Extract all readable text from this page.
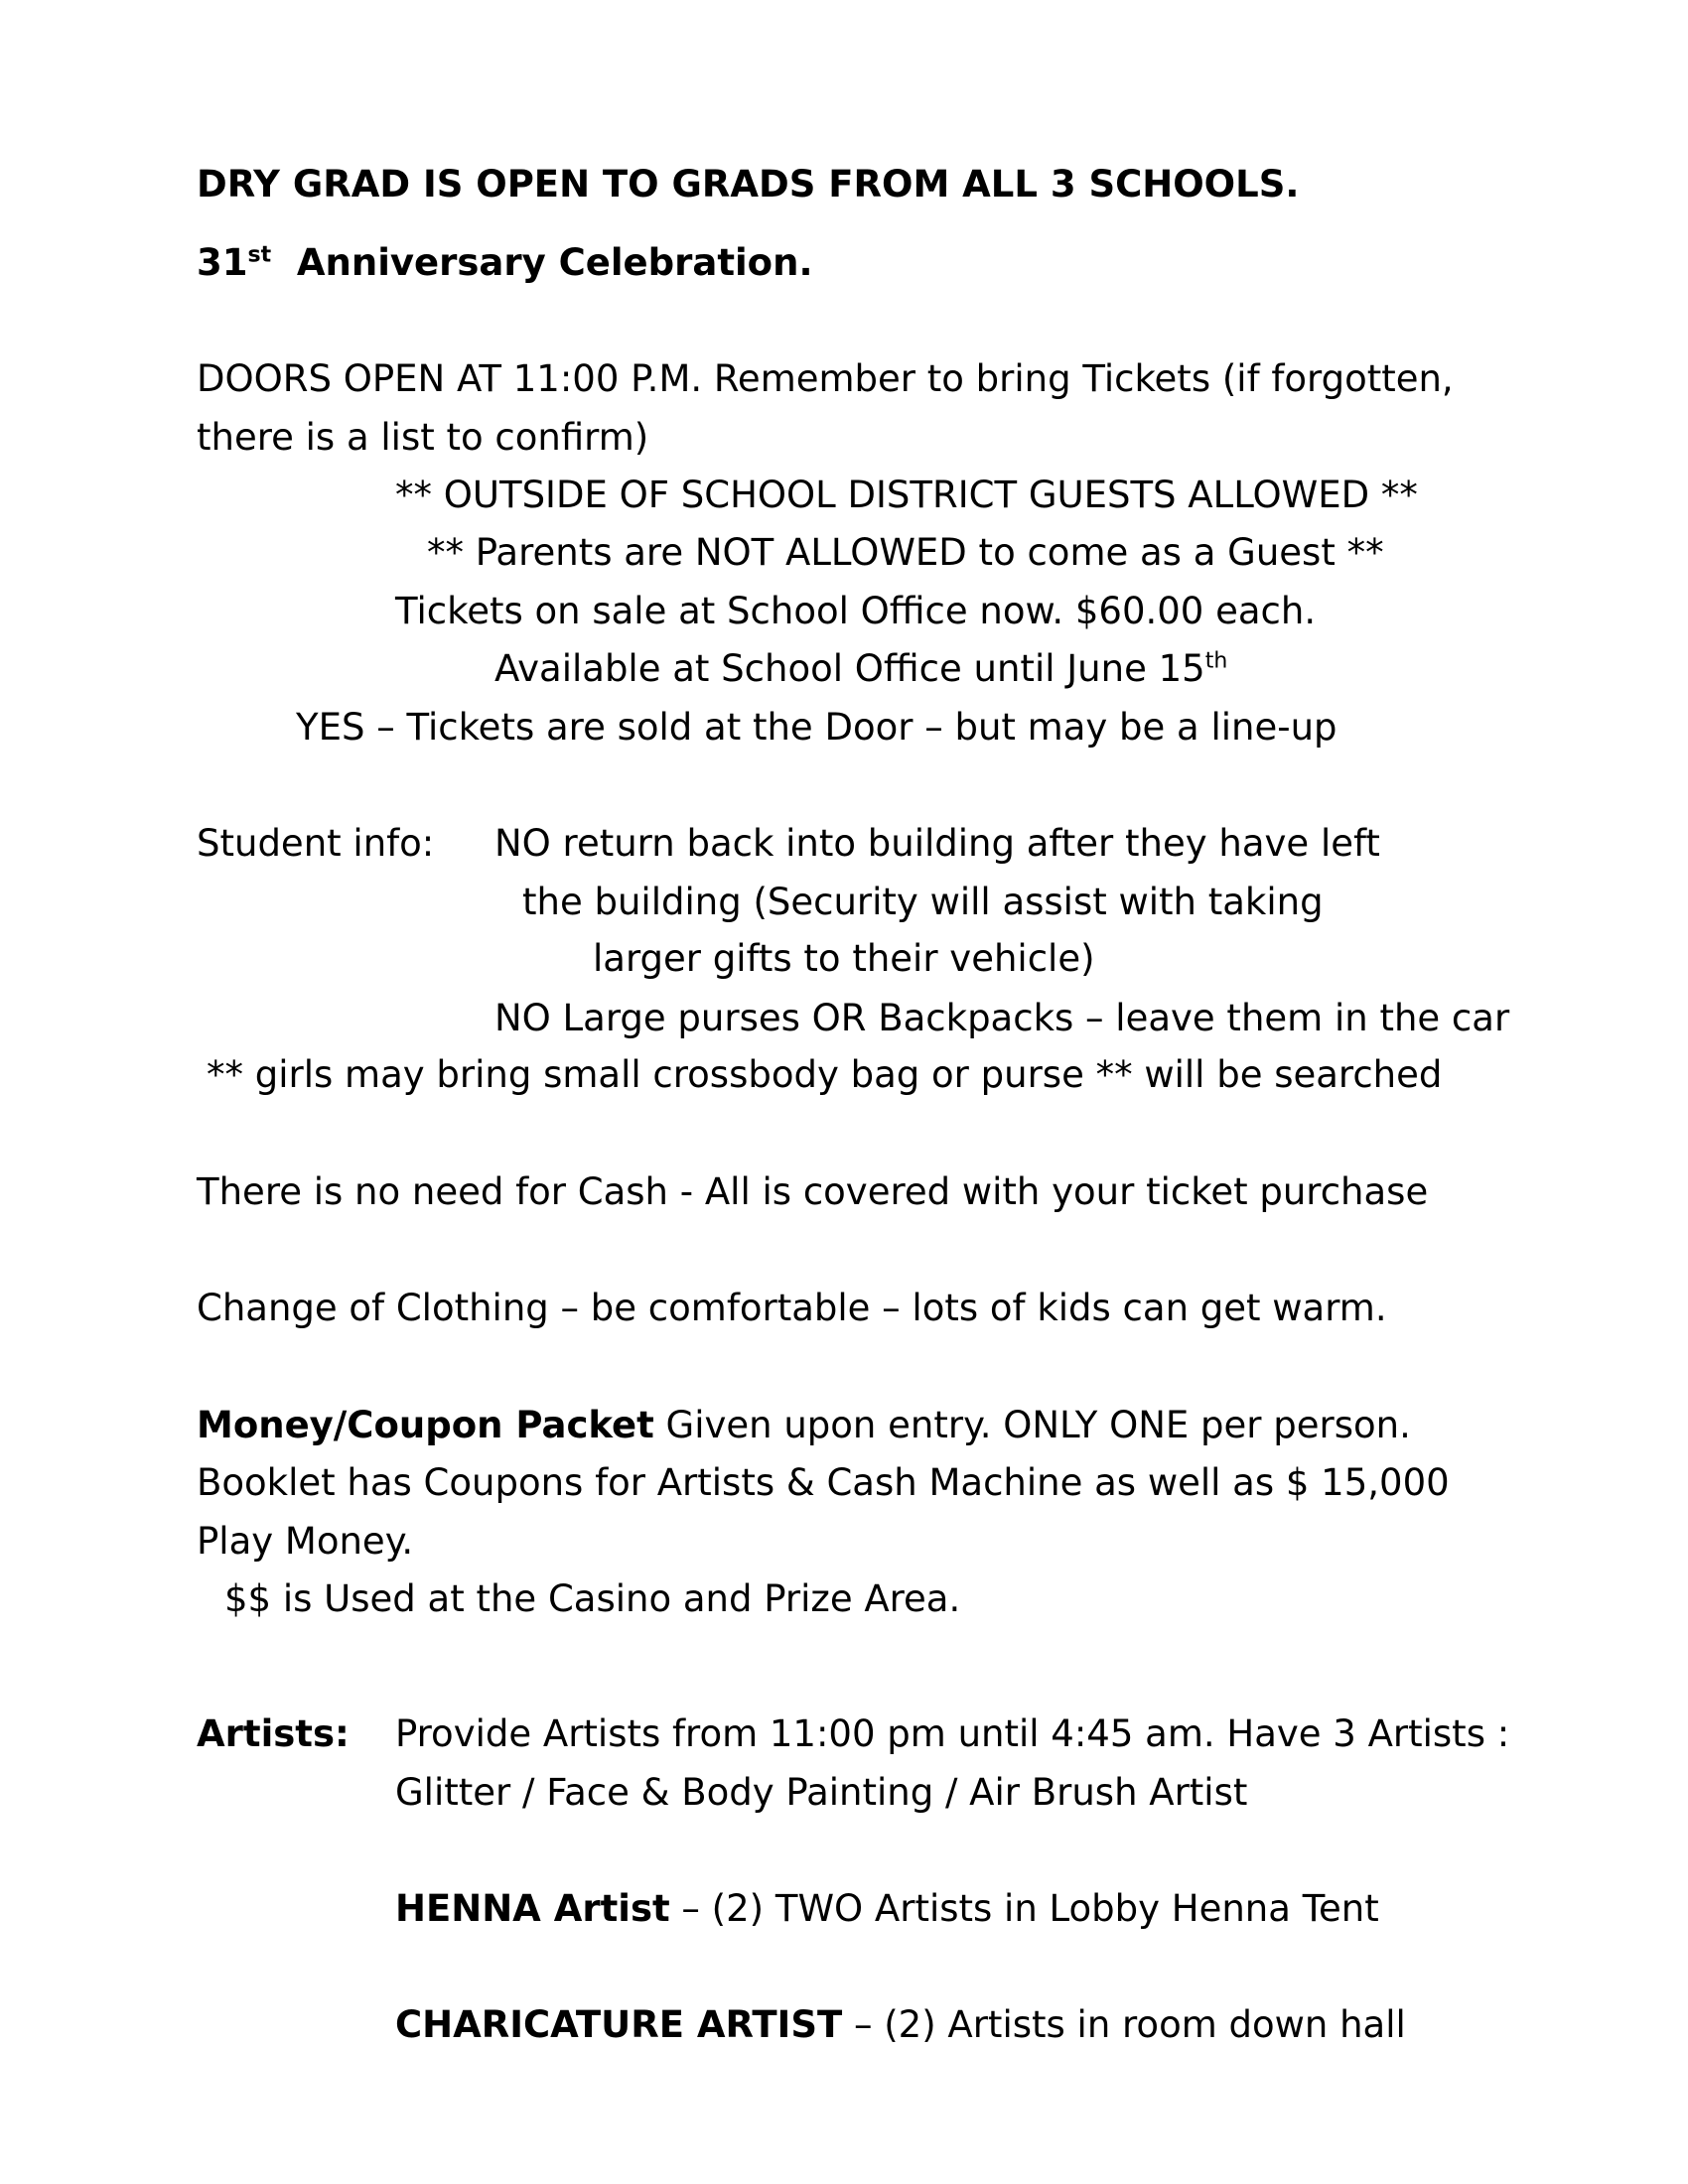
DRY GRAD IS OPEN TO GRADS FROM ALL 3 SCHOOLS.
31st Anniversary Celebration.
DOORS OPEN AT 11:00 P.M. Remember to bring Tickets (if forgotten,
there is a list to confirm)
** OUTSIDE OF SCHOOL DISTRICT GUESTS ALLOWED **
** Parents are NOT ALLOWED to come as a Guest **
Tickets on sale at School Office now. $60.00 each.
Available at School Office until June 15th
YES – Tickets are sold at the Door – but may be a line-up
Student info: NO return back into building after they have left
the building (Security will assist with taking
larger gifts to their vehicle)
NO Large purses OR Backpacks – leave them in the car
** girls may bring small crossbody bag or purse ** will be searched
There is no need for Cash - All is covered with your ticket purchase
Change of Clothing – be comfortable – lots of kids can get warm.
Money/Coupon Packet Given upon entry. ONLY ONE per person.
Booklet has Coupons for Artists & Cash Machine as well as $ 15,000
Play Money.
$$ is Used at the Casino and Prize Area.
Artists: Provide Artists from 11:00 pm until 4:45 am. Have 3 Artists :
Glitter / Face & Body Painting / Air Brush Artist
HENNA Artist – (2) TWO Artists in Lobby Henna Tent
CHARICATURE ARTIST – (2) Artists in room down hall
